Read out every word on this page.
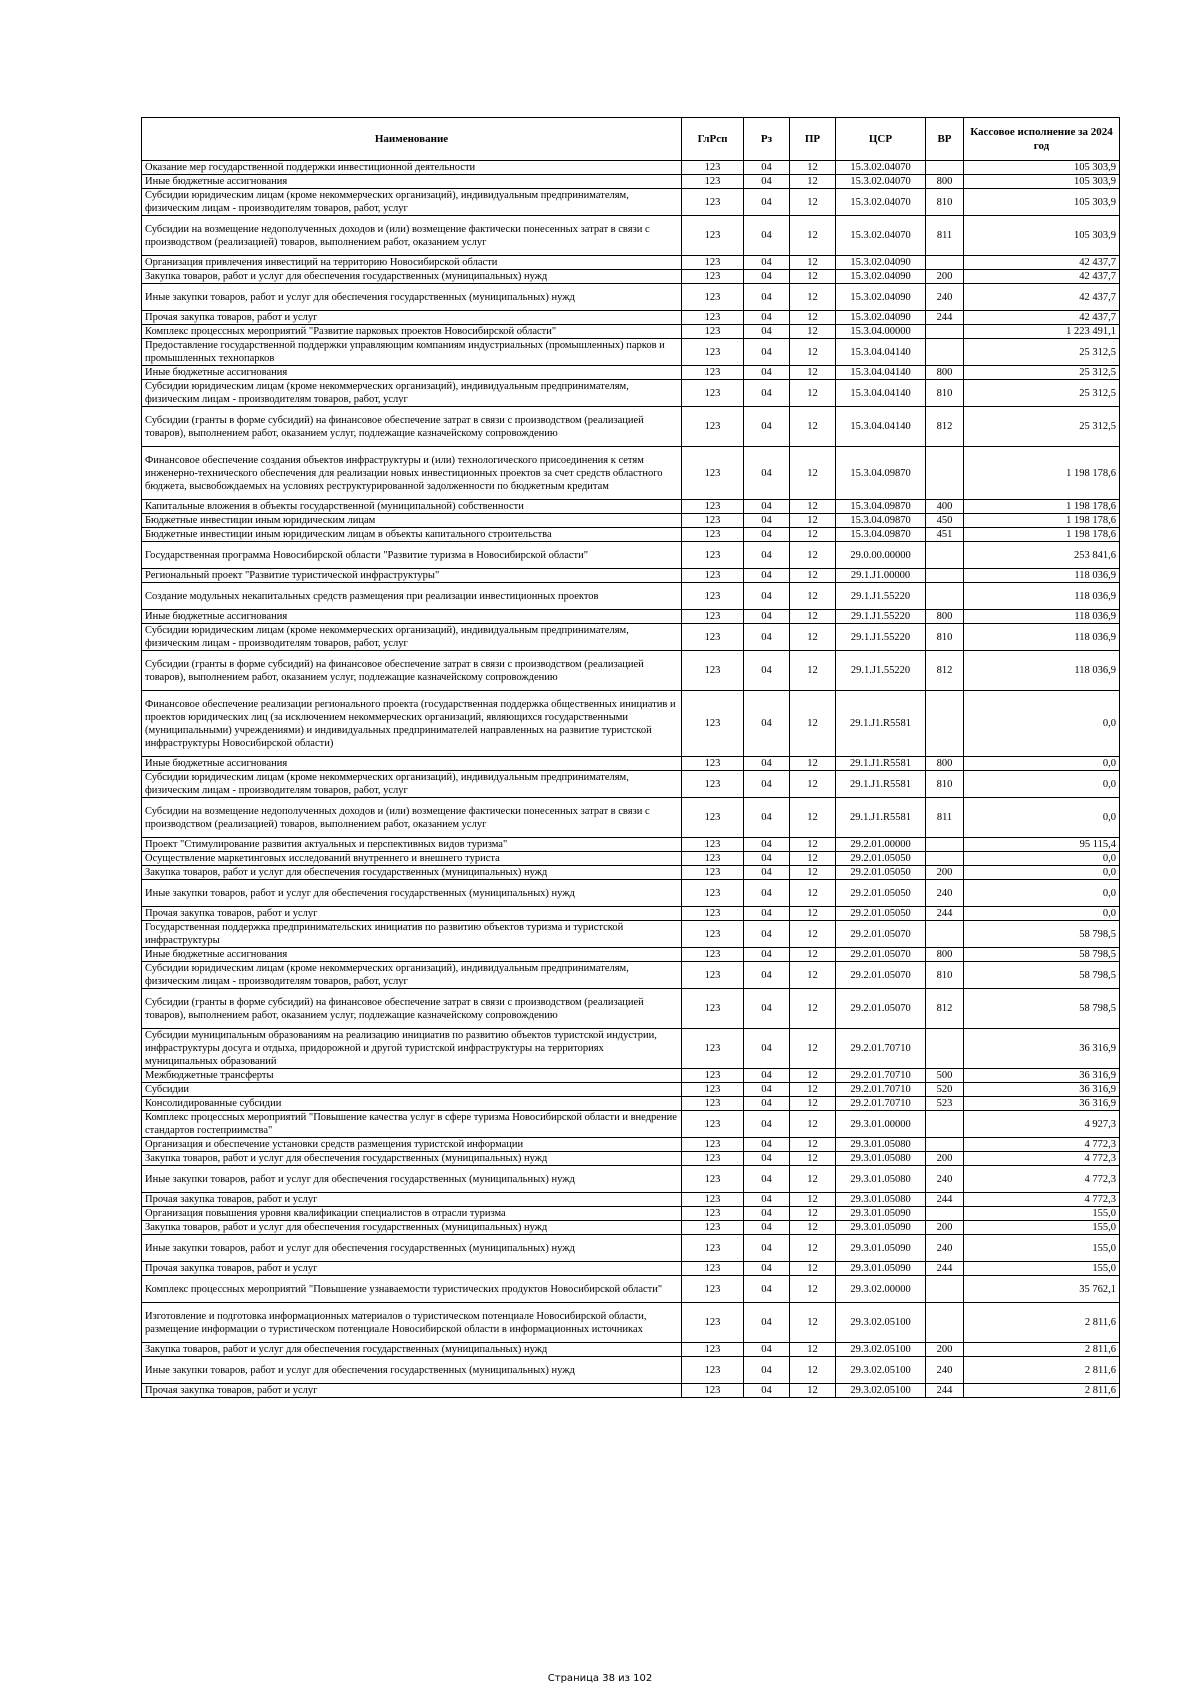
Наименование	ГлРсп	Рз	ПР	ЦСР	ВР	Кассовое исполнение за 2024 год
Оказание мер государственной поддержки инвестиционной деятельности	123	04	12	15.3.02.04070		105 303,9
Иные бюджетные ассигнования	123	04	12	15.3.02.04070	800	105 303,9
Субсидии юридическим лицам (кроме некоммерческих организаций), индивидуальным предпринимателям, физическим лицам - производителям товаров, работ, услуг	123	04	12	15.3.02.04070	810	105 303,9
Субсидии на возмещение недополученных доходов и (или) возмещение фактически понесенных затрат в связи с производством (реализацией) товаров, выполнением работ, оказанием услуг	123	04	12	15.3.02.04070	811	105 303,9
Организация привлечения инвестиций на территорию Новосибирской области	123	04	12	15.3.02.04090		42 437,7
Закупка товаров, работ и услуг для обеспечения государственных (муниципальных) нужд	123	04	12	15.3.02.04090	200	42 437,7
Иные закупки товаров, работ и услуг для обеспечения государственных (муниципальных) нужд	123	04	12	15.3.02.04090	240	42 437,7
Прочая закупка товаров, работ и услуг	123	04	12	15.3.02.04090	244	42 437,7
Комплекс процессных мероприятий "Развитие парковых проектов Новосибирской области"	123	04	12	15.3.04.00000		1 223 491,1
Предоставление государственной поддержки управляющим компаниям индустриальных (промышленных) парков и промышленных технопарков	123	04	12	15.3.04.04140		25 312,5
Иные бюджетные ассигнования	123	04	12	15.3.04.04140	800	25 312,5
Субсидии юридическим лицам (кроме некоммерческих организаций), индивидуальным предпринимателям, физическим лицам - производителям товаров, работ, услуг	123	04	12	15.3.04.04140	810	25 312,5
Субсидии (гранты в форме субсидий) на финансовое обеспечение затрат в связи с производством (реализацией товаров), выполнением работ, оказанием услуг, подлежащие казначейскому сопровождению	123	04	12	15.3.04.04140	812	25 312,5
Финансовое обеспечение создания объектов инфраструктуры и (или) технологического присоединения к сетям инженерно-технического обеспечения для реализации новых инвестиционных проектов за счет средств областного бюджета, высвобождаемых на условиях реструктурированной задолженности по бюджетным кредитам	123	04	12	15.3.04.09870		1 198 178,6
Капитальные вложения в объекты государственной (муниципальной) собственности	123	04	12	15.3.04.09870	400	1 198 178,6
Бюджетные инвестиции иным юридическим лицам	123	04	12	15.3.04.09870	450	1 198 178,6
Бюджетные инвестиции иным юридическим лицам в объекты капитального строительства	123	04	12	15.3.04.09870	451	1 198 178,6
Государственная программа Новосибирской области "Развитие туризма в Новосибирской области"	123	04	12	29.0.00.00000		253 841,6
Региональный проект "Развитие туристической инфраструктуры"	123	04	12	29.1.J1.00000		118 036,9
Создание модульных некапитальных средств размещения при реализации инвестиционных проектов	123	04	12	29.1.J1.55220		118 036,9
Иные бюджетные ассигнования	123	04	12	29.1.J1.55220	800	118 036,9
Субсидии юридическим лицам (кроме некоммерческих организаций), индивидуальным предпринимателям, физическим лицам - производителям товаров, работ, услуг	123	04	12	29.1.J1.55220	810	118 036,9
Субсидии (гранты в форме субсидий) на финансовое обеспечение затрат в связи с производством (реализацией товаров), выполнением работ, оказанием услуг, подлежащие казначейскому сопровождению	123	04	12	29.1.J1.55220	812	118 036,9
Финансовое обеспечение реализации регионального проекта (государственная поддержка общественных инициатив и проектов юридических лиц (за исключением некоммерческих организаций, являющихся государственными (муниципальными) учреждениями) и индивидуальных предпринимателей направленных на развитие туристской инфраструктуры Новосибирской области)	123	04	12	29.1.J1.R5581		0,0
Иные бюджетные ассигнования	123	04	12	29.1.J1.R5581	800	0,0
Субсидии юридическим лицам (кроме некоммерческих организаций), индивидуальным предпринимателям, физическим лицам - производителям товаров, работ, услуг	123	04	12	29.1.J1.R5581	810	0,0
Субсидии на возмещение недополученных доходов и (или) возмещение фактически понесенных затрат в связи с производством (реализацией) товаров, выполнением работ, оказанием услуг	123	04	12	29.1.J1.R5581	811	0,0
Проект "Стимулирование развития актуальных и перспективных видов туризма"	123	04	12	29.2.01.00000		95 115,4
Осуществление маркетинговых исследований внутреннего и внешнего туриста	123	04	12	29.2.01.05050		0,0
Закупка товаров, работ и услуг для обеспечения государственных (муниципальных) нужд	123	04	12	29.2.01.05050	200	0,0
Иные закупки товаров, работ и услуг для обеспечения государственных (муниципальных) нужд	123	04	12	29.2.01.05050	240	0,0
Прочая закупка товаров, работ и услуг	123	04	12	29.2.01.05050	244	0,0
Государственная поддержка предпринимательских инициатив по развитию объектов туризма и туристской инфраструктуры	123	04	12	29.2.01.05070		58 798,5
Иные бюджетные ассигнования	123	04	12	29.2.01.05070	800	58 798,5
Субсидии юридическим лицам (кроме некоммерческих организаций), индивидуальным предпринимателям, физическим лицам - производителям товаров, работ, услуг	123	04	12	29.2.01.05070	810	58 798,5
Субсидии (гранты в форме субсидий) на финансовое обеспечение затрат в связи с производством (реализацией товаров), выполнением работ, оказанием услуг, подлежащие казначейскому сопровождению	123	04	12	29.2.01.05070	812	58 798,5
Субсидии муниципальным образованиям на реализацию инициатив по развитию объектов туристской индустрии, инфраструктуры досуга и отдыха, придорожной и другой туристской инфраструктуры на территориях муниципальных образований	123	04	12	29.2.01.70710		36 316,9
Межбюджетные трансферты	123	04	12	29.2.01.70710	500	36 316,9
Субсидии	123	04	12	29.2.01.70710	520	36 316,9
Консолидированные субсидии	123	04	12	29.2.01.70710	523	36 316,9
Комплекс процессных мероприятий "Повышение качества услуг в сфере туризма Новосибирской области и внедрение стандартов гостеприимства"	123	04	12	29.3.01.00000		4 927,3
Организация и обеспечение установки средств размещения туристской информации	123	04	12	29.3.01.05080		4 772,3
Закупка товаров, работ и услуг для обеспечения государственных (муниципальных) нужд	123	04	12	29.3.01.05080	200	4 772,3
Иные закупки товаров, работ и услуг для обеспечения государственных (муниципальных) нужд	123	04	12	29.3.01.05080	240	4 772,3
Прочая закупка товаров, работ и услуг	123	04	12	29.3.01.05080	244	4 772,3
Организация повышения уровня квалификации специалистов в отрасли туризма	123	04	12	29.3.01.05090		155,0
Закупка товаров, работ и услуг для обеспечения государственных (муниципальных) нужд	123	04	12	29.3.01.05090	200	155,0
Иные закупки товаров, работ и услуг для обеспечения государственных (муниципальных) нужд	123	04	12	29.3.01.05090	240	155,0
Прочая закупка товаров, работ и услуг	123	04	12	29.3.01.05090	244	155,0
Комплекс процессных мероприятий "Повышение узнаваемости туристических продуктов Новосибирской области"	123	04	12	29.3.02.00000		35 762,1
Изготовление и подготовка информационных материалов о туристическом потенциале Новосибирской области, размещение информации о туристическом потенциале Новосибирской области в информационных источниках	123	04	12	29.3.02.05100		2 811,6
Закупка товаров, работ и услуг для обеспечения государственных (муниципальных) нужд	123	04	12	29.3.02.05100	200	2 811,6
Иные закупки товаров, работ и услуг для обеспечения государственных (муниципальных) нужд	123	04	12	29.3.02.05100	240	2 811,6
Прочая закупка товаров, работ и услуг	123	04	12	29.3.02.05100	244	2 811,6
Страница 38 из 102
